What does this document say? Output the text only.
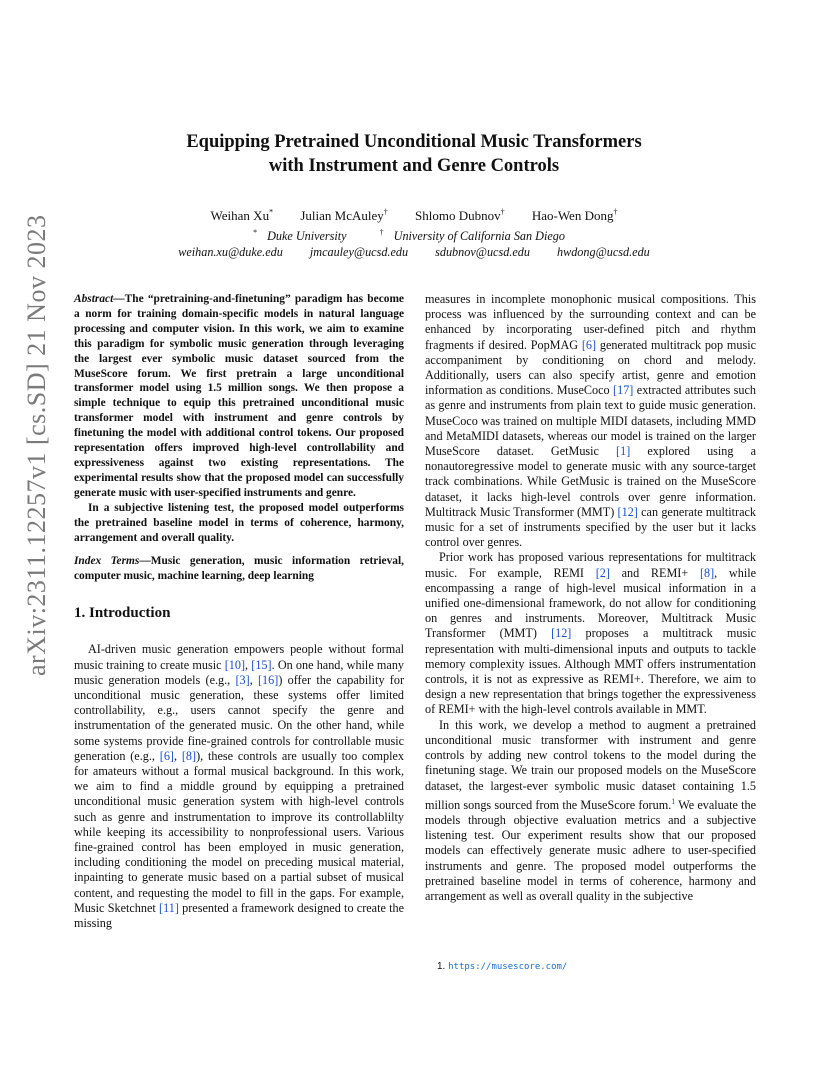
arXiv:2311.12257v1 [cs.SD] 21 Nov 2023
Equipping Pretrained Unconditional Music Transformers
with Instrument and Genre Controls
Weihan Xu* Julian McAuley† Shlomo Dubnov† Hao-Wen Dong†
* Duke University	† University of California San Diego
weihan.xu@duke.edu jmcauley@ucsd.edu sdubnov@ucsd.edu hwdong@ucsd.edu

Abstract—The “pretraining-and-finetuning” paradigm has become a norm for training domain-specific models in natural language processing and computer vision. In this work, we aim to examine this paradigm for symbolic music generation through leveraging the largest ever symbolic music dataset sourced from the MuseScore forum. We first pretrain a large unconditional transformer model using 1.5 million songs. We then propose a simple technique to equip this pretrained unconditional music transformer model with instrument and genre controls by finetuning the model with additional control tokens. Our proposed representation offers improved high-level controllability and expressiveness against two existing representations. The experimental results show that the proposed model can successfully generate music with user-specified instruments and genre.

In a subjective listening test, the proposed model outperforms the pretrained baseline model in terms of coherence, harmony, arrangement and overall quality.

Index Terms—Music generation, music information retrieval, computer music, machine learning, deep learning

1. Introduction

AI-driven music generation empowers people without formal music training to create music [10], [15]. On one hand, while many music generation models (e.g., [3], [16]) offer the capability for unconditional music generation, these systems offer limited controllability, e.g., users cannot specify the genre and instrumentation of the generated music. On the other hand, while some systems provide fine-grained controls for controllable music generation (e.g., [6], [8]), these controls are usually too complex for amateurs without a formal musical background. In this work, we aim to find a middle ground by equipping a pretrained unconditional music generation system with high-level controls such as genre and instrumentation to improve its controllablilty while keeping its accessibility to nonprofessional users. Various fine-grained control has been employed in music generation, including conditioning the model on preceding musical material, inpainting to generate music based on a partial subset of musical content, and requesting the model to fill in the gaps. For example, Music Sketchnet [11] presented a framework designed to create the missing

measures in incomplete monophonic musical compositions. This process was influenced by the surrounding context and can be enhanced by incorporating user-defined pitch and rhythm fragments if desired. PopMAG [6] generated multitrack pop music accompaniment by conditioning on chord and melody. Additionally, users can also specify artist, genre and emotion information as conditions. MuseCoco [17] extracted attributes such as genre and instruments from plain text to guide music generation. MuseCoco was trained on multiple MIDI datasets, including MMD and MetaMIDI datasets, whereas our model is trained on the larger MuseScore dataset. GetMusic [1] explored using a nonautoregressive model to generate music with any source-target track combinations. While GetMusic is trained on the MuseScore dataset, it lacks high-level controls over genre information. Multitrack Music Transformer (MMT) [12] can generate multitrack music for a set of instruments specified by the user but it lacks control over genres.

Prior work has proposed various representations for multitrack music. For example, REMI [2] and REMI+ [8], while encompassing a range of high-level musical information in a unified one-dimensional framework, do not allow for conditioning on genres and instruments. Moreover, Multitrack Music Transformer (MMT) [12] proposes a multitrack music representation with multi-dimensional inputs and outputs to tackle memory complexity issues. Although MMT offers instrumentation controls, it is not as expressive as REMI+. Therefore, we aim to design a new representation that brings together the expressiveness of REMI+ with the high-level controls available in MMT.

In this work, we develop a method to augment a pretrained unconditional music transformer with instrument and genre controls by adding new control tokens to the model during the finetuning stage. We train our proposed models on the MuseScore dataset, the largest-ever symbolic music dataset containing 1.5 million songs sourced from the MuseScore forum.$^1$ We evaluate the models through objective evaluation metrics and a subjective listening test. Our experiment results show that our proposed models can effectively generate music adhere to user-specified instruments and genre. The proposed model outperforms the pretrained baseline model in terms of coherence, harmony and arrangement as well as overall quality in the subjective

1. https://musescore.com/
